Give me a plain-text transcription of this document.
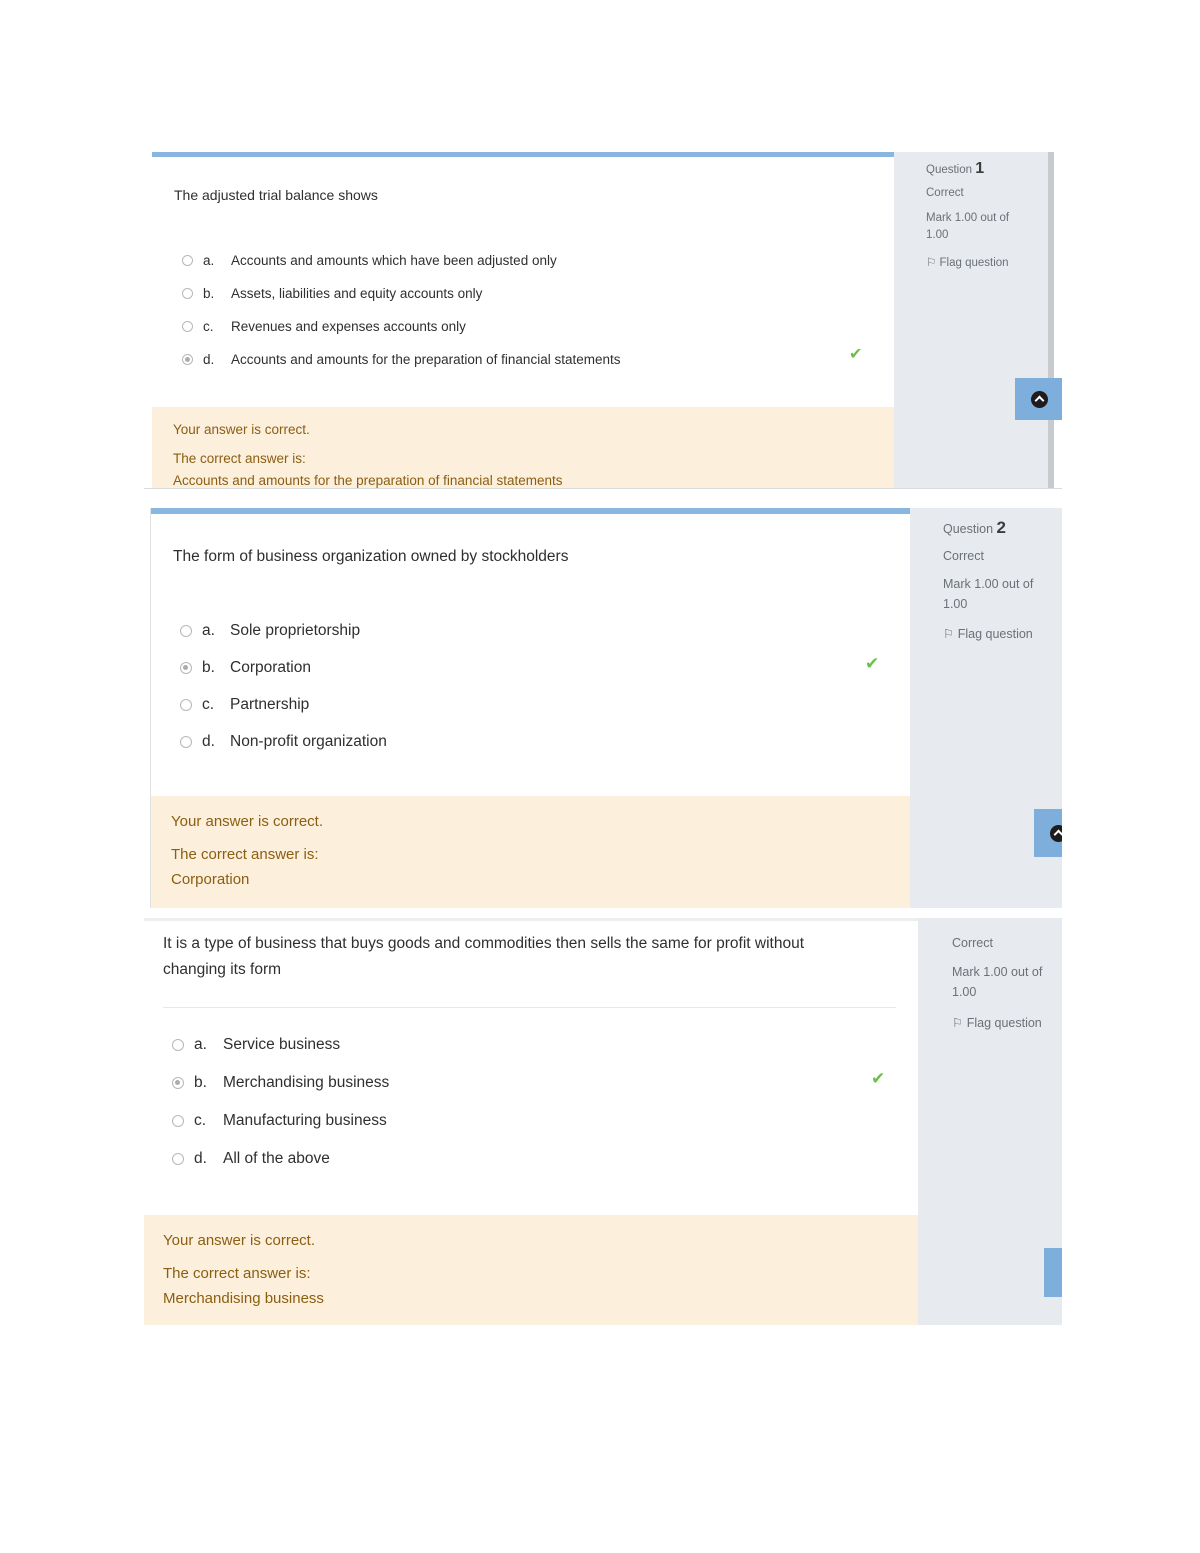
The adjusted trial balance shows
a.	Accounts and amounts which have been adjusted only
b.	Assets, liabilities and equity accounts only
c.	Revenues and expenses accounts only
d.	Accounts and amounts for the preparation of financial statements	✔
Your answer is correct.
The correct answer is:
Accounts and amounts for the preparation of financial statements
Question 1
Correct
Mark 1.00 out of
1.00
⚐ Flag question
The form of business organization owned by stockholders
a. Sole proprietorship
b. Corporation
c.	Partnership
d. Non-profit organization
✔
Your answer is correct.
The correct answer is:
Corporation
Question 2
Correct
Mark 1.00 out of
1.00
⚐ Flag question
It is a type of business that buys goods and commodities then sells the same for profit without
changing its form
a.	Service business
b.	Merchandising business
c.	Manufacturing business
d.	All of the above
✔
Your answer is correct.
The correct answer is:
Merchandising business
Correct
Mark 1.00 out of
1.00
⚐ Flag question
